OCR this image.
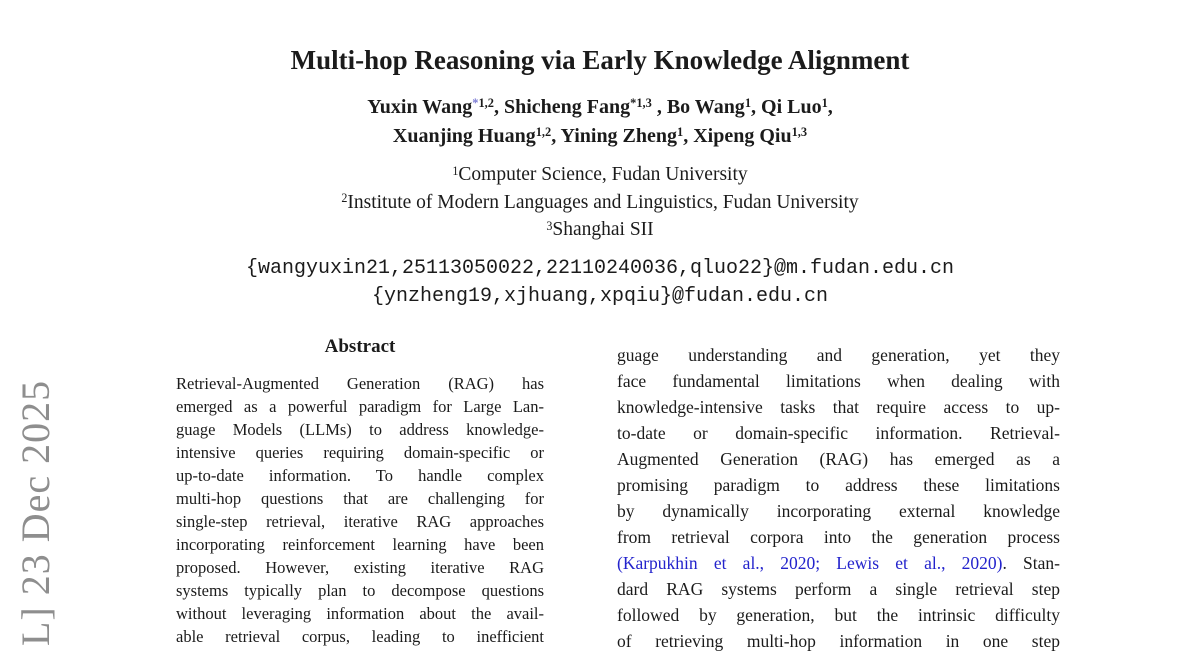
L] 23 Dec 2025
Multi-hop Reasoning via Early Knowledge Alignment
Yuxin Wang$^{*1,2}$, Shicheng Fang$^{*1,3}$ , Bo Wang$^1$, Qi Luo$^1$,
Xuanjing Huang$^{1,2}$, Yining Zheng$^1$, Xipeng Qiu$^{1,3}$
$^1$Computer Science, Fudan University
$^2$Institute of Modern Languages and Linguistics, Fudan University
$^3$Shanghai SII
{wangyuxin21,25113050022,22110240036,qluo22}@m.fudan.edu.cn
{ynzheng19,xjhuang,xpqiu}@fudan.edu.cn
Abstract
Retrieval-Augmented Generation (RAG) has
emerged as a powerful paradigm for Large Lan-
guage Models (LLMs) to address knowledge-
intensive queries requiring domain-specific or
up-to-date information. To handle complex
multi-hop questions that are challenging for
single-step retrieval, iterative RAG approaches
incorporating reinforcement learning have been
proposed. However, existing iterative RAG
systems typically plan to decompose questions
without leveraging information about the avail-
able retrieval corpus, leading to inefficient
guage understanding and generation, yet they
face fundamental limitations when dealing with
knowledge-intensive tasks that require access to up-
to-date or domain-specific information. Retrieval-
Augmented Generation (RAG) has emerged as a
promising paradigm to address these limitations
by dynamically incorporating external knowledge
from retrieval corpora into the generation process
(Karpukhin et al., 2020; Lewis et al., 2020). Stan-
dard RAG systems perform a single retrieval step
followed by generation, but the intrinsic difficulty
of retrieving multi-hop information in one step
